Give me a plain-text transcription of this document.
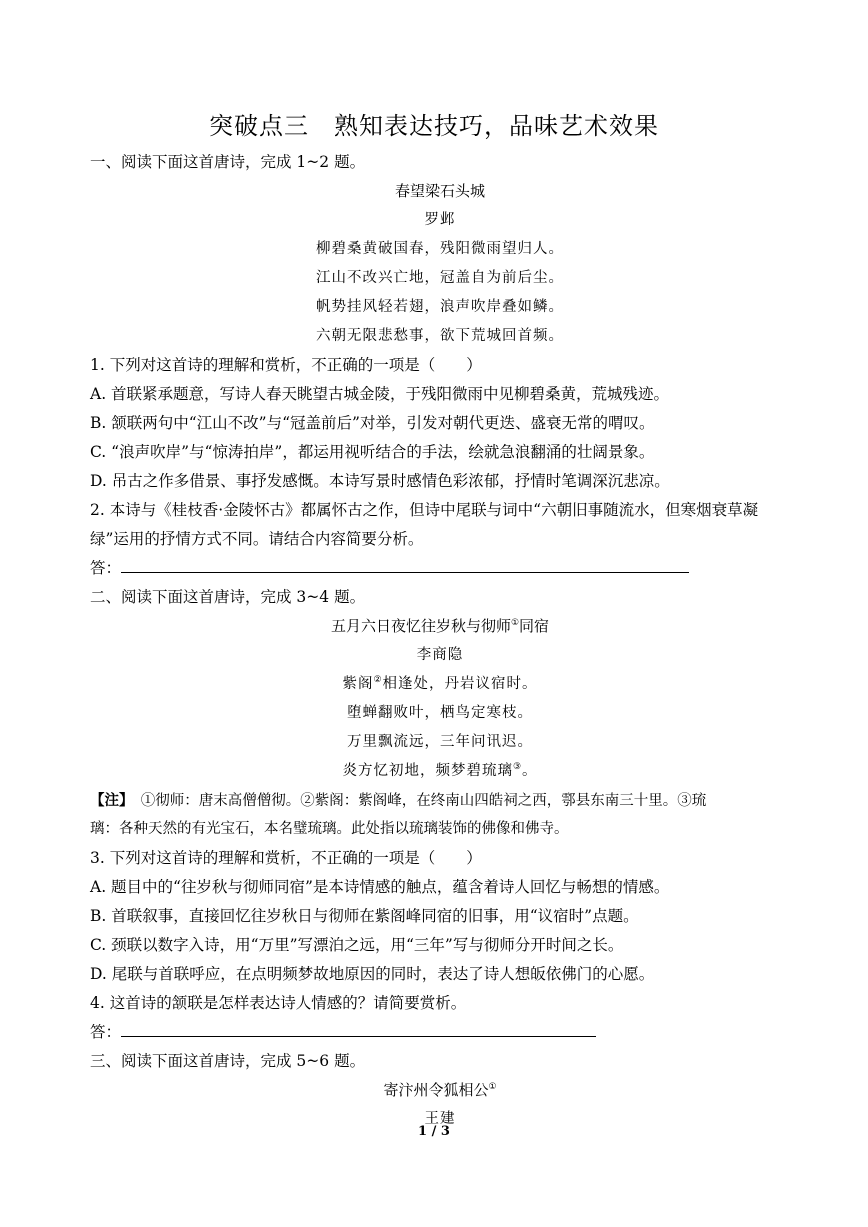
突破点三　熟知表达技巧，品味艺术效果
一、阅读下面这首唐诗，完成 1~2 题。
春望梁石头城
罗邺
柳碧桑黄破国春，残阳微雨望归人。
江山不改兴亡地，冠盖自为前后尘。
帆势挂风轻若翅，浪声吹岸叠如鳞。
六朝无限悲愁事，欲下荒城回首频。
1. 下列对这首诗的理解和赏析，不正确的一项是（　　）
A. 首联紧承题意，写诗人春天眺望古城金陵，于残阳微雨中见柳碧桑黄，荒城残迹。
B. 颔联两句中“江山不改”与“冠盖前后”对举，引发对朝代更迭、盛衰无常的喟叹。
C. “浪声吹岸”与“惊涛拍岸”，都运用视听结合的手法，绘就急浪翻涌的壮阔景象。
D. 吊古之作多借景、事抒发感慨。本诗写景时感情色彩浓郁，抒情时笔调深沉悲凉。
2. 本诗与《桂枝香·金陵怀古》都属怀古之作，但诗中尾联与词中“六朝旧事随流水，但寒烟衰草凝绿”运用的抒情方式不同。请结合内容简要分析。
答：
二、阅读下面这首唐诗，完成 3~4 题。
五月六日夜忆往岁秋与彻师①同宿
李商隐
紫阁②相逢处，丹岩议宿时。
堕蝉翻败叶，栖鸟定寒枝。
万里飘流远，三年问讯迟。
炎方忆初地，频梦碧琉璃③。
【注】　 ①彻师：唐末高僧僧彻。②紫阁：紫阁峰，在终南山四皓祠之西，鄠县东南三十里。③琉
璃：各种天然的有光宝石，本名璧琉璃。此处指以琉璃装饰的佛像和佛寺。
3. 下列对这首诗的理解和赏析，不正确的一项是（　　）
A. 题目中的“往岁秋与彻师同宿”是本诗情感的触点，蕴含着诗人回忆与畅想的情感。
B. 首联叙事，直接回忆往岁秋日与彻师在紫阁峰同宿的旧事，用“议宿时”点题。
C. 颈联以数字入诗，用“万里”写漂泊之远，用“三年”写与彻师分开时间之长。
D. 尾联与首联呼应，在点明频梦故地原因的同时，表达了诗人想皈依佛门的心愿。
4. 这首诗的颔联是怎样表达诗人情感的？请简要赏析。
答：
三、阅读下面这首唐诗，完成 5~6 题。
寄汴州令狐相公①
王建
1 / 3
